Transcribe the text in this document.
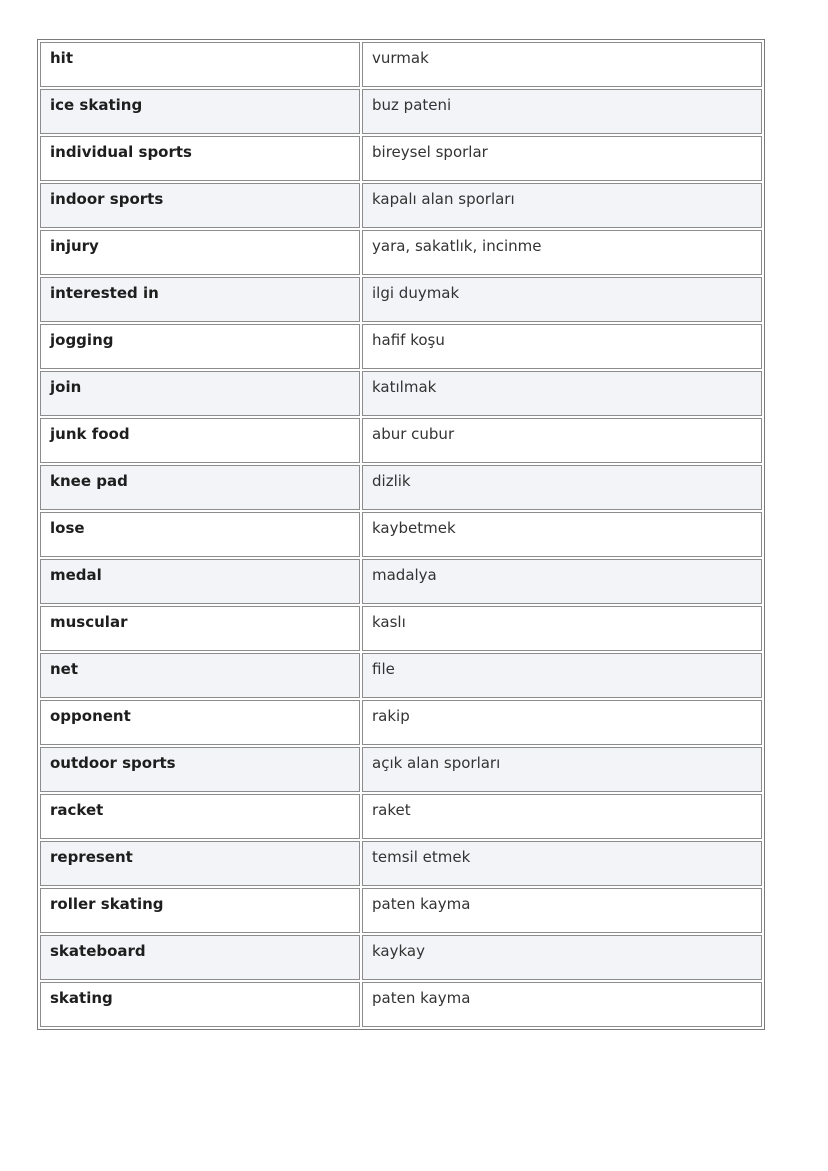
hit	vurmak
ice skating	buz pateni
individual sports	bireysel sporlar
indoor sports	kapalı alan sporları
injury	yara, sakatlık, incinme
interested in	ilgi duymak
jogging	hafif koşu
join	katılmak
junk food	abur cubur
knee pad	dizlik
lose	kaybetmek
medal	madalya
muscular	kaslı
net	file
opponent	rakip
outdoor sports	açık alan sporları
racket	raket
represent	temsil etmek
roller skating	paten kayma
skateboard	kaykay
skating	paten kayma
